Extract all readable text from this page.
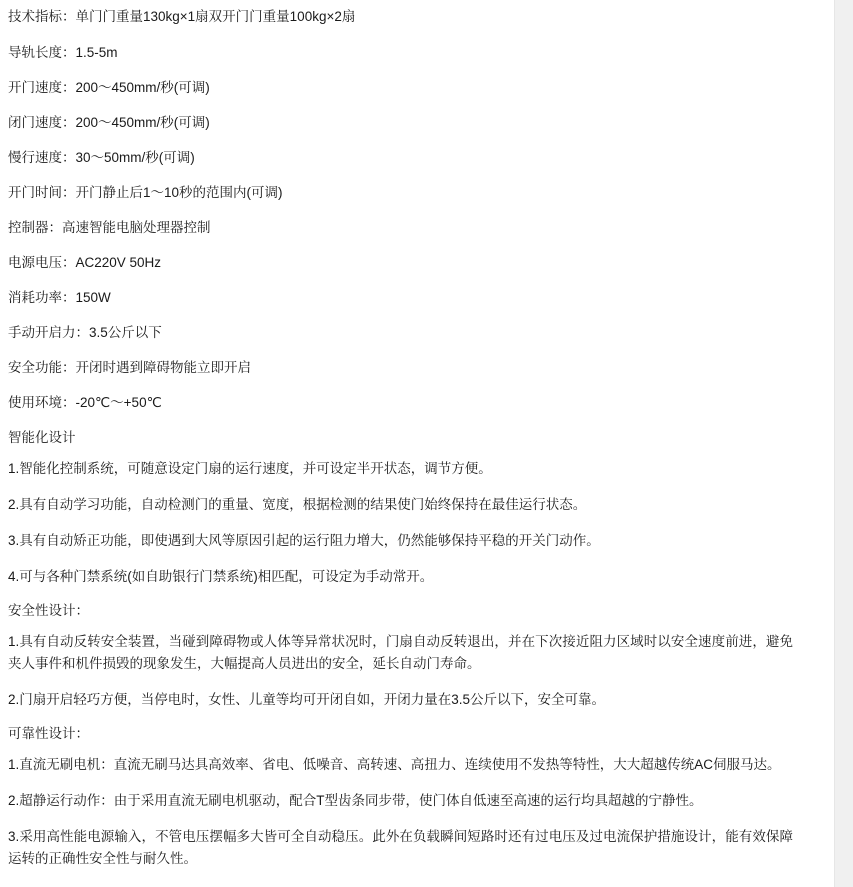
技术指标：单门门重量130kg×1扇双开门门重量100kg×2扇

导轨长度：1.5-5m

开门速度：200～450mm/秒(可调)

闭门速度：200～450mm/秒(可调)

慢行速度：30～50mm/秒(可调)

开门时间：开门静止后1～10秒的范围内(可调)

控制器：高速智能电脑处理器控制

电源电压：AC220V 50Hz

消耗功率：150W

手动开启力：3.5公斤以下

安全功能：开闭时遇到障碍物能立即开启

使用环境：-20℃～+50℃

智能化设计

1.智能化控制系统，可随意设定门扇的运行速度，并可设定半开状态，调节方便。

2.具有自动学习功能，自动检测门的重量、宽度，根据检测的结果使门始终保持在最佳运行状态。

3.具有自动矫正功能，即使遇到大风等原因引起的运行阻力增大，仍然能够保持平稳的开关门动作。

4.可与各种门禁系统(如自助银行门禁系统)相匹配，可设定为手动常开。

安全性设计：

1.具有自动反转安全装置，当碰到障碍物或人体等异常状况时，门扇自动反转退出，并在下次接近阻力区域时以安全速度前进，避免夹人事件和机件损毁的现象发生，大幅提高人员进出的安全，延长自动门寿命。

2.门扇开启轻巧方便，当停电时，女性、儿童等均可开闭自如，开闭力量在3.5公斤以下，安全可靠。

可靠性设计：

1.直流无刷电机：直流无刷马达具高效率、省电、低噪音、高转速、高扭力、连续使用不发热等特性，大大超越传统AC伺服马达。

2.超静运行动作：由于采用直流无刷电机驱动，配合T型齿条同步带，使门体自低速至高速的运行均具超越的宁静性。

3.采用高性能电源输入，不管电压摆幅多大皆可全自动稳压。此外在负载瞬间短路时还有过电压及过电流保护措施设计，能有效保障运转的正确性安全性与耐久性。
